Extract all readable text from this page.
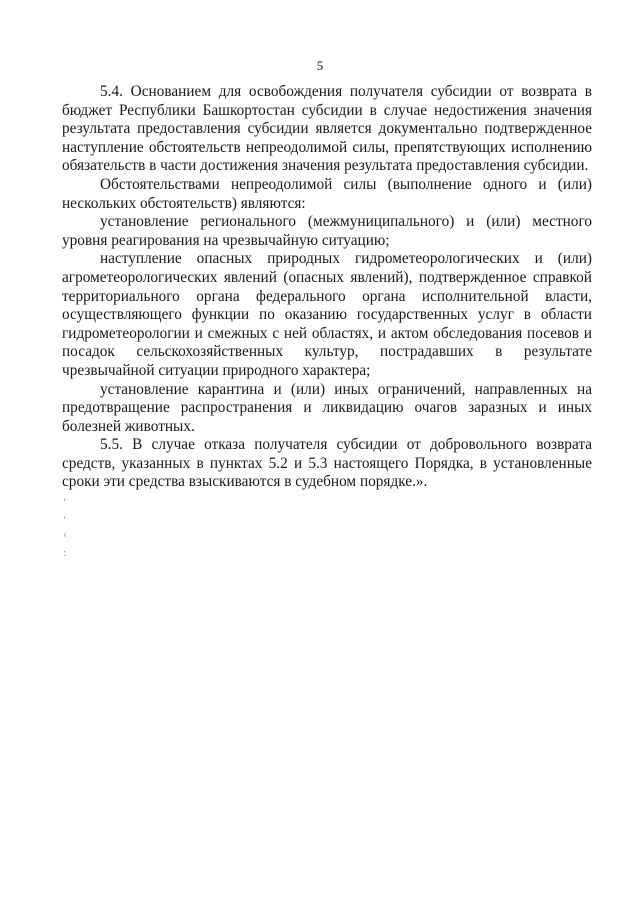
5

5.4. Основанием для освобождения получателя субсидии от возврата в бюджет Республики Башкортостан субсидии в случае недостижения значения результата предоставления субсидии является документально подтвержденное наступление обстоятельств непреодолимой силы, препятствующих исполнению обязательств в части достижения значения результата предоставления субсидии.

Обстоятельствами непреодолимой силы (выполнение одного и (или) нескольких обстоятельств) являются:

установление регионального (межмуниципального) и (или) местного уровня реагирования на чрезвычайную ситуацию;

наступление опасных природных гидрометеорологических и (или) агрометеорологических явлений (опасных явлений), подтвержденное справкой территориального органа федерального органа исполнительной власти, осуществляющего функции по оказанию государственных услуг в области гидрометеорологии и смежных с ней областях, и актом обследования посевов и посадок сельскохозяйственных культур, пострадавших в результате чрезвычайной ситуации природного характера;

установление карантина и (или) иных ограничений, направленных на предотвращение распространения и ликвидацию очагов заразных и иных болезней животных.

5.5. В случае отказа получателя субсидии от добровольного возврата средств, указанных в пунктах 5.2 и 5.3 настоящего Порядка, в установленные сроки эти средства взыскиваются в судебном порядке.».

,
,
‹
:
